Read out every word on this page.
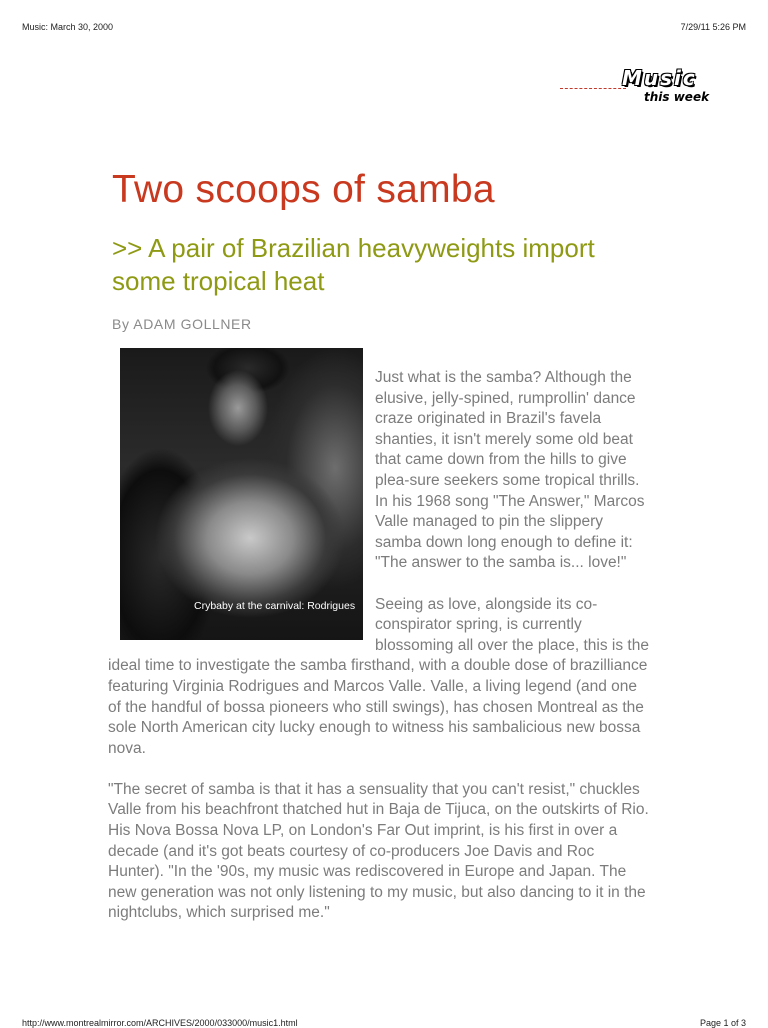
Music: March 30, 2000	7/29/11 5:26 PM
Music
this week
Two scoops of samba
>> A pair of Brazilian heavyweights import some tropical heat
By ADAM GOLLNER
Crybaby at the carnival: Rodrigues

Just what is the samba? Although the elusive, jelly-spined, rumprollin' dance craze originated in Brazil's favela shanties, it isn't merely some old beat that came down from the hills to give plea-sure seekers some tropical thrills. In his 1968 song "The Answer," Marcos Valle managed to pin the slippery samba down long enough to define it: "The answer to the samba is... love!"

Seeing as love, alongside its co-conspirator spring, is currently blossoming all over the place, this is the ideal time to investigate the samba firsthand, with a double dose of brazilliance featuring Virginia Rodrigues and Marcos Valle. Valle, a living legend (and one of the handful of bossa pioneers who still swings), has chosen Montreal as the sole North American city lucky enough to witness his sambalicious new bossa nova.

"The secret of samba is that it has a sensuality that you can't resist," chuckles Valle from his beachfront thatched hut in Baja de Tijuca, on the outskirts of Rio. His Nova Bossa Nova LP, on London's Far Out imprint, is his first in over a decade (and it's got beats courtesy of co-producers Joe Davis and Roc Hunter). "In the '90s, my music was rediscovered in Europe and Japan. The new generation was not only listening to my music, but also dancing to it in the nightclubs, which surprised me."

http://www.montrealmirror.com/ARCHIVES/2000/033000/music1.html	Page 1 of 3
